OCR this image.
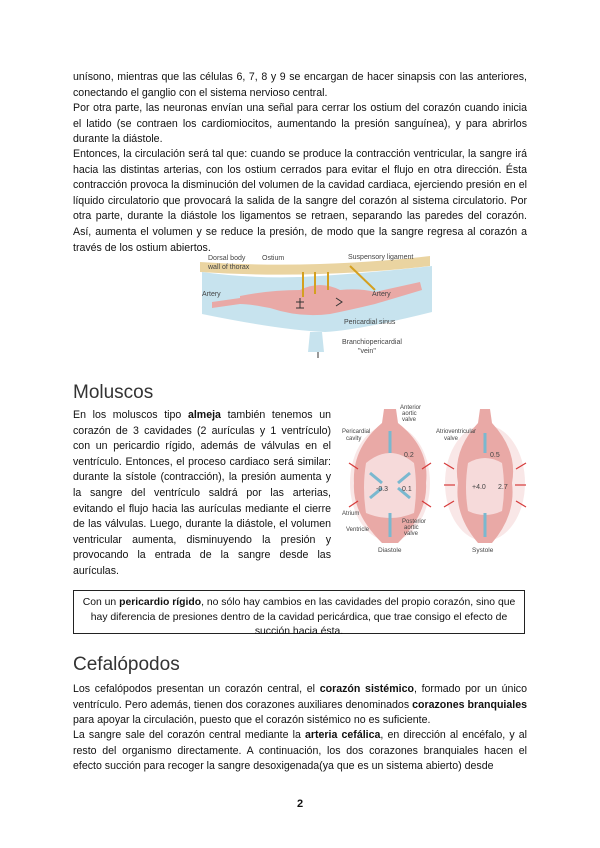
unísono, mientras que las células 6, 7, 8 y 9 se encargan de hacer sinapsis con las anteriores, conectando el ganglio con el sistema nervioso central.
Por otra parte, las neuronas envían una señal para cerrar los ostium del corazón cuando inicia el latido (se contraen los cardiomiocitos, aumentando la presión sanguínea), y para abrirlos durante la diástole.
Entonces, la circulación será tal que: cuando se produce la contracción ventricular, la sangre irá hacia las distintas arterias, con los ostium cerrados para evitar el flujo en otra dirección. Ésta contracción provoca la disminución del volumen de la cavidad cardiaca, ejerciendo presión en el líquido circulatorio que provocará la salida de la sangre del corazón al sistema circulatorio. Por otra parte, durante la diástole los ligamentos se retraen, separando las paredes del corazón. Así, aumenta el volumen y se reduce la presión, de modo que la sangre regresa al corazón a través de los ostium abiertos.
Dorsal body
wall of thorax
Ostium	Suspensory ligament
Artery	Artery
Pericardial sinus
Branchiopericardial
"vein"
Moluscos
En los moluscos tipo almeja también tenemos un corazón de 3 cavidades (2 aurículas y 1 ventrículo) con un pericardio rígido, además de válvulas en el ventrículo. Entonces, el proceso cardiaco será similar: durante la sístole (contracción), la presión aumenta y la sangre del ventrículo saldrá por las arterias, evitando el flujo hacia las aurículas mediante el cierre de las válvulas. Luego, durante la diástole, el volumen ventricular aumenta, disminuyendo la presión y provocando la entrada de la sangre desde las aurículas.
0.2
-0.3 0.1
0.5
+4.0 2.7
Anterior
aortic
valve
Pericardial
cavity
Atrioventricular
valve
Atrium
Ventricle
Posterior
aortic
valve
Diastole	Systole
Con un pericardio rígido, no sólo hay cambios en las cavidades del propio corazón, sino que hay diferencia de presiones dentro de la cavidad pericárdica, que trae consigo el efecto de succión hacia ésta.
Cefalópodos
Los cefalópodos presentan un corazón central, el corazón sistémico, formado por un único ventrículo. Pero además, tienen dos corazones auxiliares denominados corazones branquiales para apoyar la circulación, puesto que el corazón sistémico no es suficiente.
La sangre sale del corazón central mediante la arteria cefálica, en dirección al encéfalo, y al resto del organismo directamente. A continuación, los dos corazones branquiales hacen el efecto succión para recoger la sangre desoxigenada(ya que es un sistema abierto) desde
2
